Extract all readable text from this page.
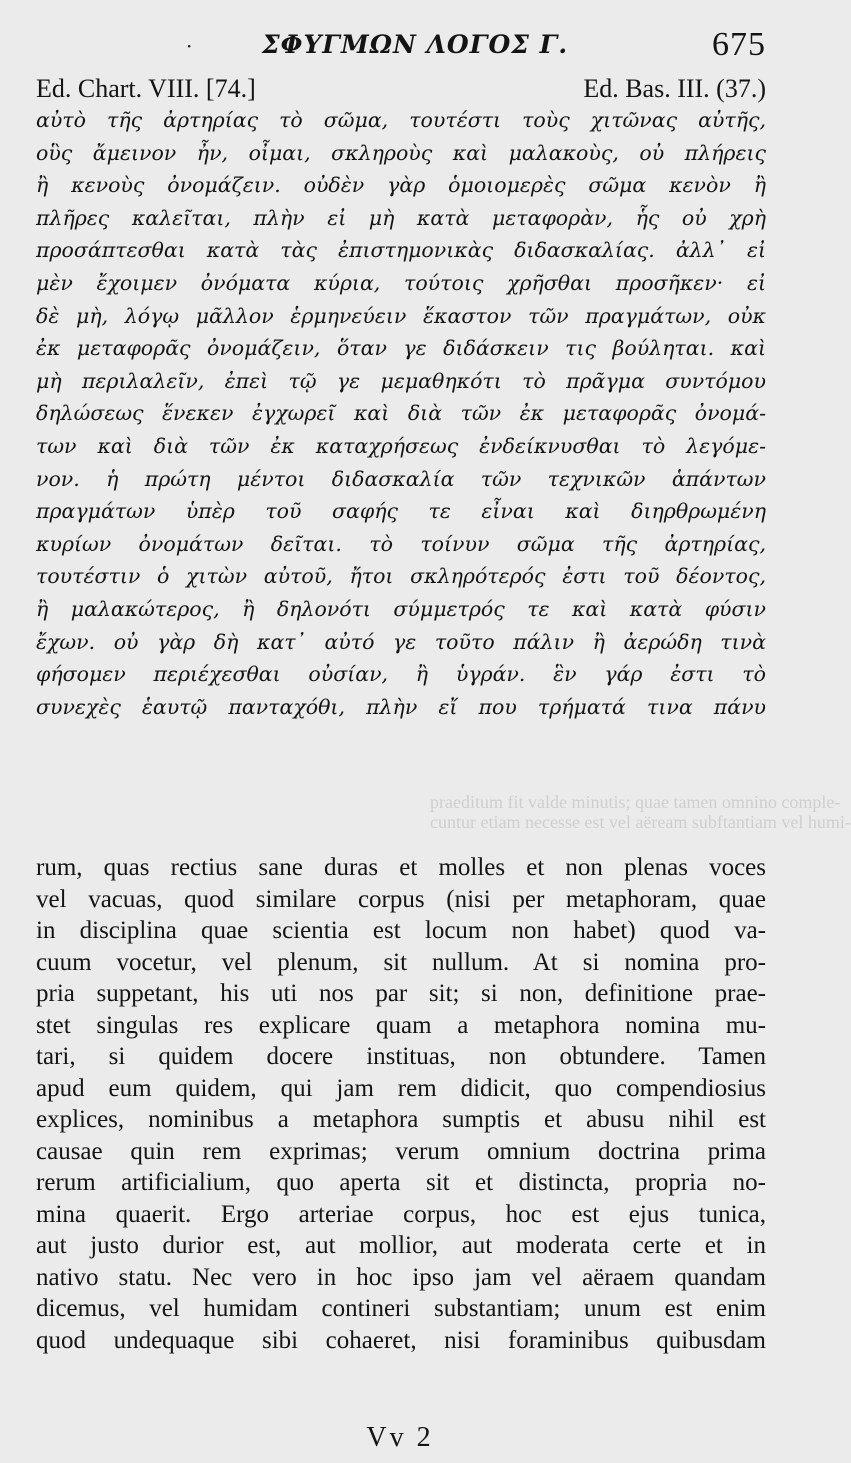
·	ΣΦΥΓΜΩΝ ΛΟΓΟΣ Γ.	675
Ed. Chart. VIII. [74.]	Ed. Bas. III. (37.)
αὐτὸ τῆς ἀρτηρίας τὸ σῶμα, τουτέστι τοὺς χιτῶνας αὐτῆς,
οὓς ἄμεινον ἦν, οἶμαι, σκληροὺς καὶ μαλακοὺς, οὐ πλήρεις
ἢ κενοὺς ὀνομάζειν. οὐδὲν γὰρ ὁμοιομερὲς σῶμα κενὸν ἢ
πλῆρες καλεῖται, πλὴν εἰ μὴ κατὰ μεταφορὰν, ἧς οὐ χρὴ
προσάπτεσθαι κατὰ τὰς ἐπιστημονικὰς διδασκαλίας. ἀλλ᾽ εἰ
μὲν ἔχοιμεν ὀνόματα κύρια, τούτοις χρῆσθαι προσῆκεν· εἰ
δὲ μὴ, λόγῳ μᾶλλον ἑρμηνεύειν ἕκαστον τῶν πραγμάτων, οὐκ
ἐκ μεταφορᾶς ὀνομάζειν, ὅταν γε διδάσκειν τις βούληται. καὶ
μὴ περιλαλεῖν, ἐπεὶ τῷ γε μεμαθηκότι τὸ πρᾶγμα συντόμου
δηλώσεως ἕνεκεν ἐγχωρεῖ καὶ διὰ τῶν ἐκ μεταφορᾶς ὀνομά-
των καὶ διὰ τῶν ἐκ καταχρήσεως ἐνδείκνυσθαι τὸ λεγόμε-
νον. ἡ πρώτη μέντοι διδασκαλία τῶν τεχνικῶν ἁπάντων
πραγμάτων ὑπὲρ τοῦ σαφής τε εἶναι καὶ διηρθρωμένη
κυρίων ὀνομάτων δεῖται. τὸ τοίνυν σῶμα τῆς ἀρτηρίας,
τουτέστιν ὁ χιτὼν αὐτοῦ, ἤτοι σκληρότερός ἐστι τοῦ δέοντος,
ἢ μαλακώτερος, ἢ δηλονότι σύμμετρός τε καὶ κατὰ φύσιν
ἔχων. οὐ γὰρ δὴ κατ᾽ αὐτό γε τοῦτο πάλιν ἢ ἀερώδη τινὰ
φήσομεν περιέχεσθαι οὐσίαν, ἢ ὑγράν. ἓν γάρ ἐστι τὸ
συνεχὲς ἑαυτῷ πανταχόθι, πλὴν εἴ που τρήματά τινα πάνυ
praeditum fit valde minutis; quae tamen omnino comple-
cuntur etiam necesse est vel aëream subftantiam vel humi-
rum, quas rectius sane duras et molles et non plenas voces
vel vacuas, quod similare corpus (nisi per metaphoram, quae
in disciplina quae scientia est locum non habet) quod va-
cuum vocetur, vel plenum, sit nullum. At si nomina pro-
pria suppetant, his uti nos par sit; si non, definitione prae-
stet singulas res explicare quam a metaphora nomina mu-
tari, si quidem docere instituas, non obtundere. Tamen
apud eum quidem, qui jam rem didicit, quo compendiosius
explices, nominibus a metaphora sumptis et abusu nihil est
causae quin rem exprimas; verum omnium doctrina prima
rerum artificialium, quo aperta sit et distincta, propria no-
mina quaerit. Ergo arteriae corpus, hoc est ejus tunica,
aut justo durior est, aut mollior, aut moderata certe et in
nativo statu. Nec vero in hoc ipso jam vel aëraem quandam
dicemus, vel humidam contineri substantiam; unum est enim
quod undequaque sibi cohaeret, nisi foraminibus quibusdam
Vv 2
